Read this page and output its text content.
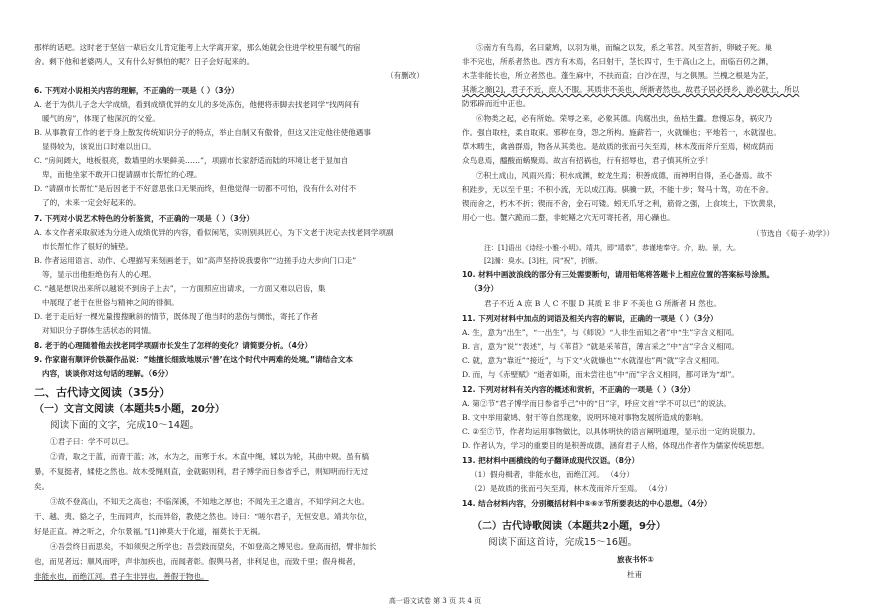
那样的话吧。这时老于坚信一辈后女儿肯定能考上大学离开家，那么她就会住进学校里有暖气的宿
舍。剩下他和老婆两人，又有什么好惧怕的呢？日子会好起来的。
（有删改）
6. 下列对小说相关内容的理解，不正确的一项是（ ）（3分）
A. 老于为供儿子念大学成绩，看到成绩优异的女儿的多处冻伤，他便将赤脚去找老同学“找两间有
暖气的房”，体现了他深沉的父爱。
B. 从事教育工作的老于身上散发传统知识分子的特点，举止自制又有傲骨，但这又注定他往使他遇事
显得较为，该说出口时难以出口。
C. “房间阔大，地板很亮，数墙里的水果鲜美……”，项副市长家舒适而陆的环境让老于显加自
卑，而他坐家不敢开口提请副市长帮忙的心理。
D. “请副市长帮忙”是后因老于不好意思张口无果而终，但他觉得一切都不可怕，没有什么对付不
了的，未来一定会好起来的。
7. 下列对小说艺术特色的分析鉴赏，不正确的一项是（ ）（3分）
A. 本文作者采取叙述为分进入成绩优异的内容，看似闲笔，实则别具匠心，为下文老于决定去找老同学项副
市长帮忙作了很好的铺垫。
B. 作者运用语言、动作、心理描写来刻画老于，如“高声坚持说我要你”“边搓手边大步向门口走”
等，显示出他拒绝伤有人的心理。
C. “越是想说出来所以越说不到房子上去”，一方面照应出请求，一方面又难以启齿，集
中展现了老于在世俗与精神之间的徘徊。
D. 老于走后好一棵光量搜搜瞅斜的情节，既体现了他当时的悲伤与惆怅，寄托了作者
对知识分子群体生活状态的同情。
8. 老于的心理随着他去找老同学项副市长发生了怎样的变化？请简要分析。（4分）
9. 作家谢有顺评价铁凝作品说：“她擅长细致地展示‘善’在这个时代中两难的处境。”请结合文本
内容，谈谈你对这句话的理解。（6分）
二、古代诗文阅读（35分）
（一）文言文阅读（本题共5小题，20分）
阅读下面的文字，完成10～14题。
①君子曰：学不可以已。
②青，取之于蓝，而青于蓝；冰，水为之，而寒于水。木直中绳，𫐓以为轮，其曲中规。虽有槁
暴，不复挺者，𫐓使之然也。故木受绳则直，金就砺则利，君子博学而日参省乎己，则知明而行无过
矣。
③故不登高山，不知天之高也；不临深溪，不知地之厚也；不闻先王之遗言，不知学问之大也。
干、越、夷、貉之子，生而同声，长而异俗，教使之然也。诗曰：“嗟尔君子，无恒安息。靖共尔位，
好是正直。神之听之，介尔景福。”[1]神莫大于化道，福莫长于无祸。
④吾尝终日而思矣，不如须臾之所学也；吾尝跂而望矣，不如登高之博见也。登高而招，臂非加长
也，而见者远；顺风而呼，声非加疾也，而闻者彰。假舆马者，非利足也，而致千里；假舟楫者，
非能水也，而绝江河。君子生非异也，善假于物也。
⑤南方有鸟焉，名曰蒙鸠，以羽为巢，而编之以发，系之苇苕。风至苕折，卵破子死。巢
非不完也，所系者然也。西方有木焉，名曰射干，茎长四寸，生于高山之上，而临百仞之渊，
木茎非能长也，所立者然也。蓬生麻中，不扶而直；白沙在涅，与之俱黑。兰槐之根是为芷，
其渐之滫[2]，君子不近，庶人不服。其质非不美也，所渐者然也。故君子居必择乡，游必就士，所以
防邪辟而近中正也。
⑥物类之起，必有所始。荣辱之来，必象其德。肉腐出虫，鱼枯生蠹。怠慢忘身，祸灾乃
作。强自取柱，柔自取束。邪秽在身，怨之所构。施薪若一，火就燥也；平地若一，水就湿也。
草木畴生，禽兽群焉，物各从其类也。是故质的张而弓矢至焉，林木茂而斧斤至焉，树成荫而
众鸟息焉，醯酸而蜹聚焉。故言有招祸也，行有招辱也，君子慎其所立乎！
⑦积土成山，风雨兴焉；积水成渊，蛟龙生焉；积善成德，而神明自得，圣心备焉。故不
积跬步，无以至千里；不积小流，无以成江海。骐骥一跃，不能十步；驽马十驾，功在不舍。
锲而舍之，朽木不折；锲而不舍，金石可镂。蚓无爪牙之利，筋骨之强，上食埃土，下饮黄泉，
用心一也。蟹六跪而二螯，非蛇鳝之穴无可寄托者，用心躁也。
（节选自《荀子·劝学》）
注：[1]语出《诗经·小雅·小明》。靖共，即“靖恭”，恭谨地奉守。介，助。景，大。
[2]滫：臭水。[3]柱，同“祝”，折断。
10. 材料中画波浪线的部分有三处需要断句，请用铅笔将答题卡上相应位置的答案标号涂黑。
（3分）
君子不近 A 庶 B 人 C 不服 D 其质 E 非 F 不美也 G 所渐者 H 然也。
11. 下列对材料中加点的词语及相关内容的解说，正确的一项是（ ）（3分）
A. 生，意为“出生”，“一出生”，与《师说》“人非生而知之者”中“生”字含义相同。
B. 言，意为“说”“表述”，与《苇苜》“就是采苇苜，薄言采之”中“言”字含义相同。
C. 就，意为“靠近”“接近”，与下文“火就燥也”“水就湿也”两“就”字含义相同。
D. 而，与《赤壁赋》“逝者如斯，而未尝往也”中“而”字含义相同，都可译为“却”。
12. 下列对材料有关内容的概述和赏析，不正确的一项是（ ）（3分）
A. 第②节“君子博学而日参省乎己”中的“日”字，呼应文首“学不可以已”的说法。
B. 文中举用蒙鸠、射干等自然现象，说明环境对事物发展所造成的影响。
C. ②至⑦节，作者均运用事物做比，以具体明快的语言阐明道理，显示出一定的说服力。
D. 作者认为，学习的重要目的是积善成德，涵育君子人格，体现出作者作为儒家传统思想。
13. 把材料中画横线的句子翻译成现代汉语。（8分）
（1）假舟楫者，非能水也，而绝江河。 （4分）
（2）是故质的张而弓矢至焉，林木茂而斧斤至焉。 （4分）
14. 结合材料内容，分别概括材料中⑤⑥⑦节所要表达的中心思想。（4分）
（二）古代诗歌阅读（本题共2小题，9分）
阅读下面这首诗，完成15～16题。
旅夜书怀①
杜甫
高一语文试卷 第 3 页 共 4 页
